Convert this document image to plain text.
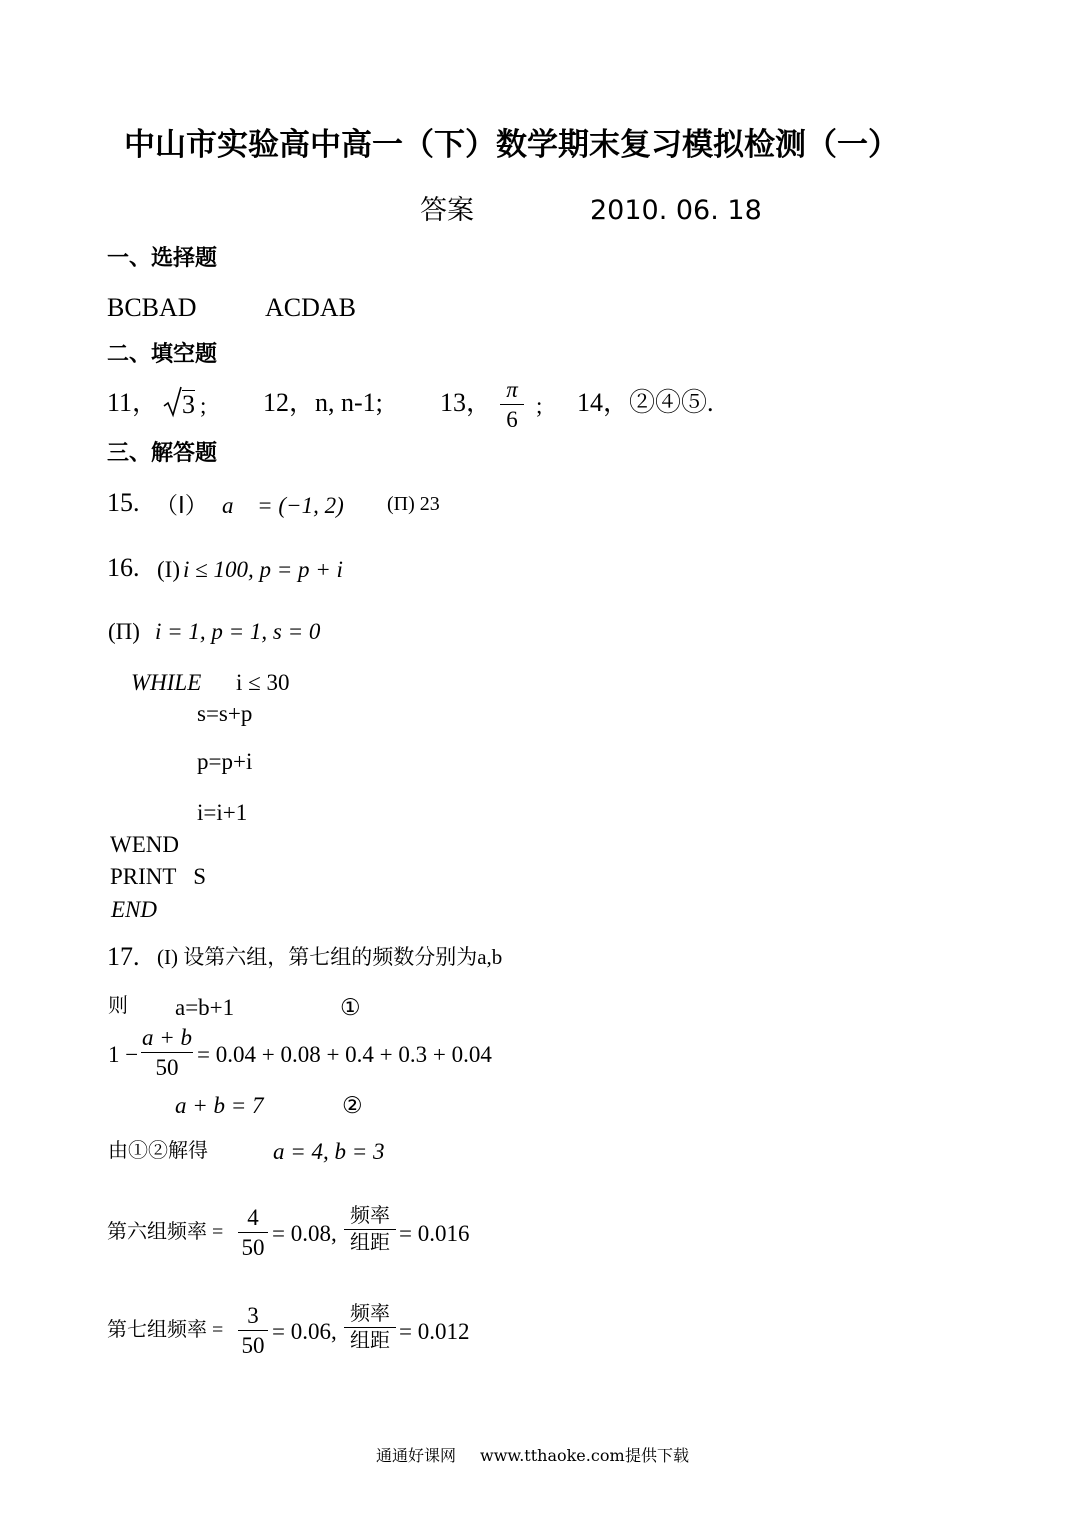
中山市实验高中高一（下）数学期末复习模拟检测（一）
答案	2010. 06. 18
一、选择题
BCBAD	ACDAB
二、填空题
11， 3 ; 12，n, n-1; 13， π
6
; 14，②④⑤.
三、解答题
15. （Ⅰ） a⃗ = (−1, 2) (Π) 23
16. (I) i ≤ 100, p = p + i
(Π) i = 1, p = 1, s = 0
WHILE i ≤ 30
s=s+p
p=p+i
i=i+1
WEND
PRINT   S
END
17. (I) 设第六组，第七组的频数分别为a,b
则 a=b+1	①
1 −
a + b
50
= 0.04 + 0.08 + 0.4 + 0.3 + 0.04
a + b = 7	②
由①②解得	a = 4, b = 3
第六组频率 =
4
50
= 0.08,
频率
组距 = 0.016
第七组频率 =
3
50
= 0.06,
频率
组距 = 0.012
通通好课网 www.tthaoke.com 提供下载
